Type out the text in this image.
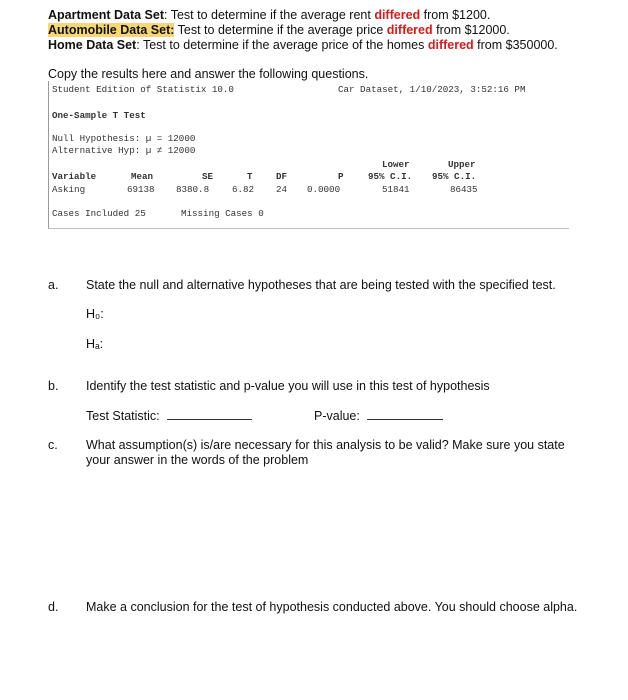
Apartment Data Set: Test to determine if the average rent differed from $1200.
Automobile Data Set: Test to determine if the average price differed from $12000.
Home Data Set: Test to determine if the average price of the homes differed from $350000.
Copy the results here and answer the following questions.
Student Edition of Statistix 10.0	Car Dataset, 1/10/2023, 3:52:16 PM
One-Sample T Test
Null Hypothesis: µ = 12000
Alternative Hyp: µ ≠ 12000
Lower	Upper
Variable	Mean	SE	T	DF	P	95% C.I. 95% C.I.
Asking	69138 8380.8 6.82 24 0.0000	51841	86435
Cases Included 25	Missing Cases 0
a. State the null and alternative hypotheses that are being tested with the specified test.
H₀:
Hₐ:
b. Identify the test statistic and p-value you will use in this test of hypothesis
Test Statistic:	P-value:
c. What assumption(s) is/are necessary for this analysis to be valid? Make sure you state your answer in the words of the problem
d. Make a conclusion for the test of hypothesis conducted above. You should choose alpha.
